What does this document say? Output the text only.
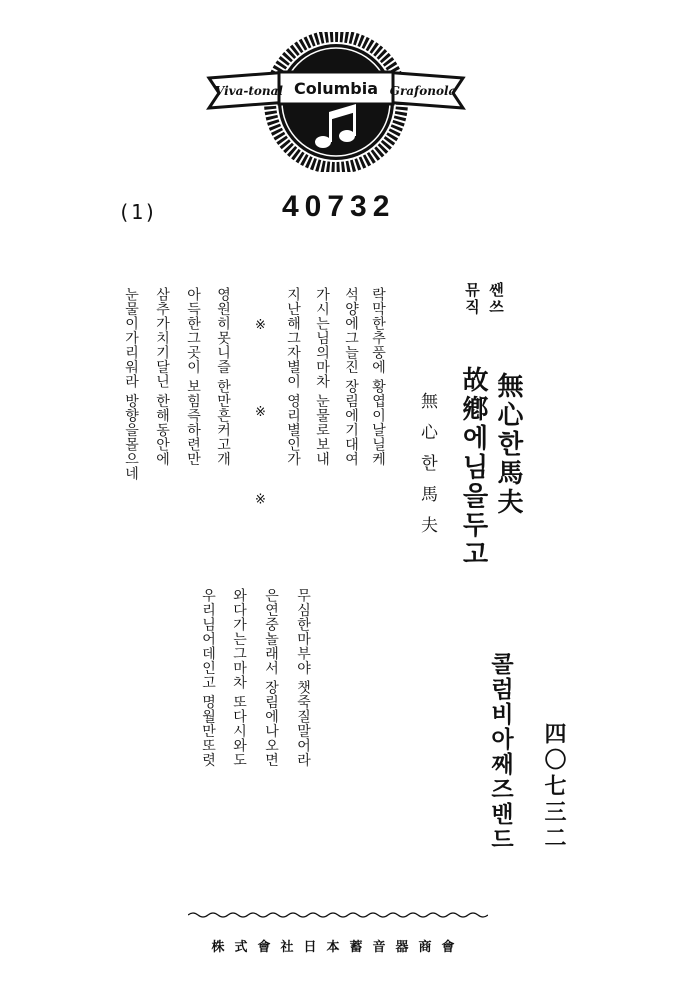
Viva-tonal	Grafonola
Columbia
(1)	40732
쌘쓰
뮤직
無心한馬夫
故鄕에님을두고
無心한馬夫
락막한추풍에 황엽이날닐케
석양에그늘진 장림에기대여
가시는님의마차 눈물로보내
지난해그자별이 영리별인가
※ ※ ※
영원히못니즐 한만흔커고개
아득한그곳이 보힘즉하련만
삼추가치기달닌 한해동안에
눈물이가리워라 방향을몰으네
무심한마부야 챗죽질말어라
은연중놀래서 장림에나오면
와다가는그마차 또다시와도
우리님어데인고 명월만또렷	콜럼비아째즈밴드 四〇七三二
株式會社日本蓄音器商會
